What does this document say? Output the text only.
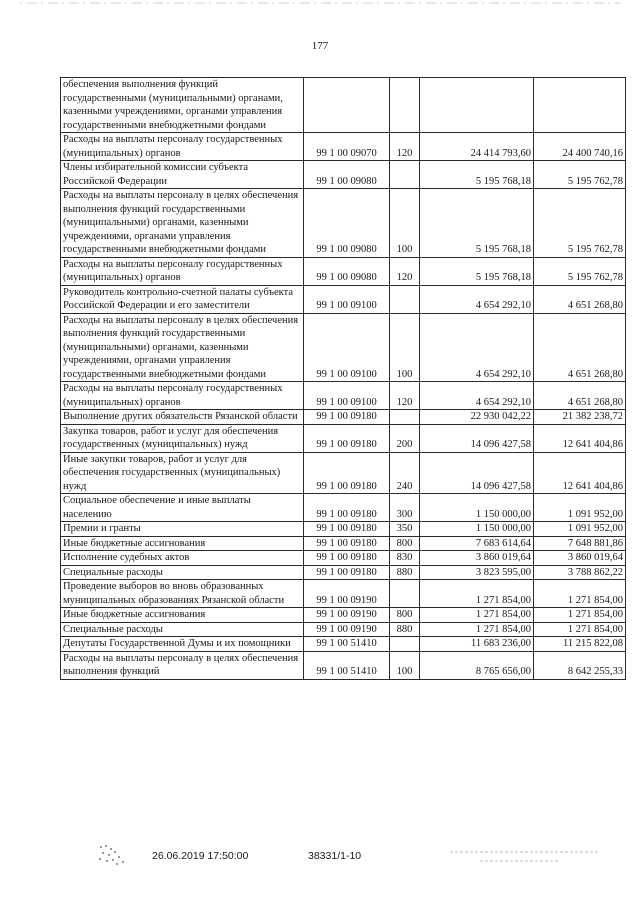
177
обеспечения выполнения функций государственными (муниципальными) органами, казенными учреждениями, органами управления государственными внебюджетными фондами				
Расходы на выплаты персоналу государственных (муниципальных) органов	99 1 00 09070	120	24 414 793,60	24 400 740,16
Члены избирательной комиссии субъекта Российской Федерации	99 1 00 09080		5 195 768,18	5 195 762,78
Расходы на выплаты персоналу в целях обеспечения выполнения функций государственными (муниципальными) органами, казенными учреждениями, органами управления государственными внебюджетными фондами	99 1 00 09080	100	5 195 768,18	5 195 762,78
Расходы на выплаты персоналу государственных (муниципальных) органов	99 1 00 09080	120	5 195 768,18	5 195 762,78
Руководитель контрольно-счетной палаты субъекта Российской Федерации и его заместители	99 1 00 09100		4 654 292,10	4 651 268,80
Расходы на выплаты персоналу в целях обеспечения выполнения функций государственными (муниципальными) органами, казенными учреждениями, органами управления государственными внебюджетными фондами	99 1 00 09100	100	4 654 292,10	4 651 268,80
Расходы на выплаты персоналу государственных (муниципальных) органов	99 1 00 09100	120	4 654 292,10	4 651 268,80
Выполнение других обязательств Рязанской области	99 1 00 09180		22 930 042,22	21 382 238,72
Закупка товаров, работ и услуг для обеспечения государственных (муниципальных) нужд	99 1 00 09180	200	14 096 427,58	12 641 404,86
Иные закупки товаров, работ и услуг для обеспечения государственных (муниципальных) нужд	99 1 00 09180	240	14 096 427,58	12 641 404,86
Социальное обеспечение и иные выплаты населению	99 1 00 09180	300	1 150 000,00	1 091 952,00
Премии и гранты	99 1 00 09180	350	1 150 000,00	1 091 952,00
Иные бюджетные ассигнования	99 1 00 09180	800	7 683 614,64	7 648 881,86
Исполнение судебных актов	99 1 00 09180	830	3 860 019,64	3 860 019,64
Специальные расходы	99 1 00 09180	880	3 823 595,00	3 788 862,22
Проведение выборов во вновь образованных муниципальных образованиях Рязанской области	99 1 00 09190		1 271 854,00	1 271 854,00
Иные бюджетные ассигнования	99 1 00 09190	800	1 271 854,00	1 271 854,00
Специальные расходы	99 1 00 09190	880	1 271 854,00	1 271 854,00
Депутаты Государственной Думы и их помощники	99 1 00 51410		11 683 236,00	11 215 822,08
Расходы на выплаты персоналу в целях обеспечения выполнения функций	99 1 00 51410	100	8 765 656,00	8 642 255,33
26.06.2019 17:50:00	38331/1-10
